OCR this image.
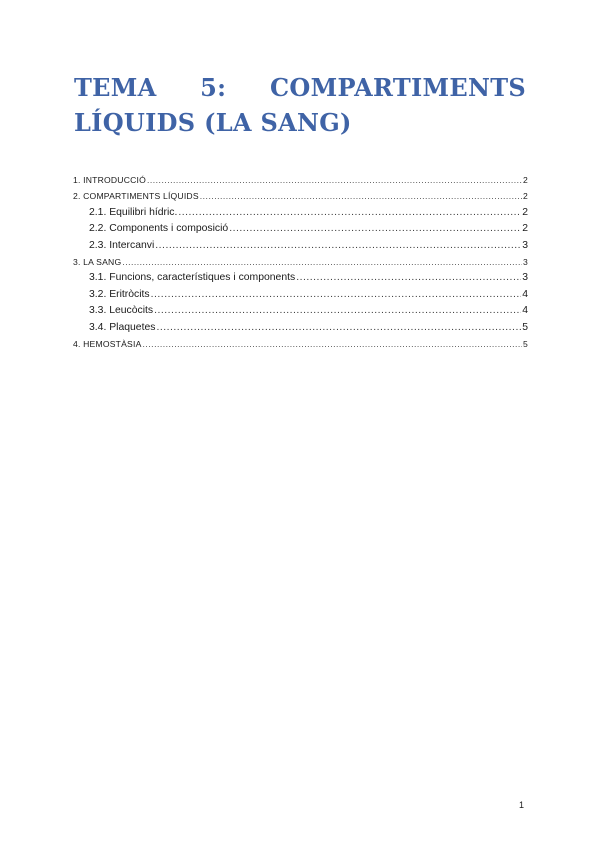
TEMA 5: COMPARTIMENTS LÍQUIDS (LA SANG)
1. INTRODUCCIÓ .....	2
2. COMPARTIMENTS LÍQUIDS .....	2
2.1. Equilibri hídric. .....	2
2.2. Components i composició .....	2
2.3. Intercanvi .....	3
3. LA SANG .....	3
3.1. Funcions, característiques i components .....	3
3.2. Eritròcits .....	4
3.3. Leucòcits .....	4
3.4. Plaquetes .....	5
4. HEMOSTÀSIA .....	5
1
